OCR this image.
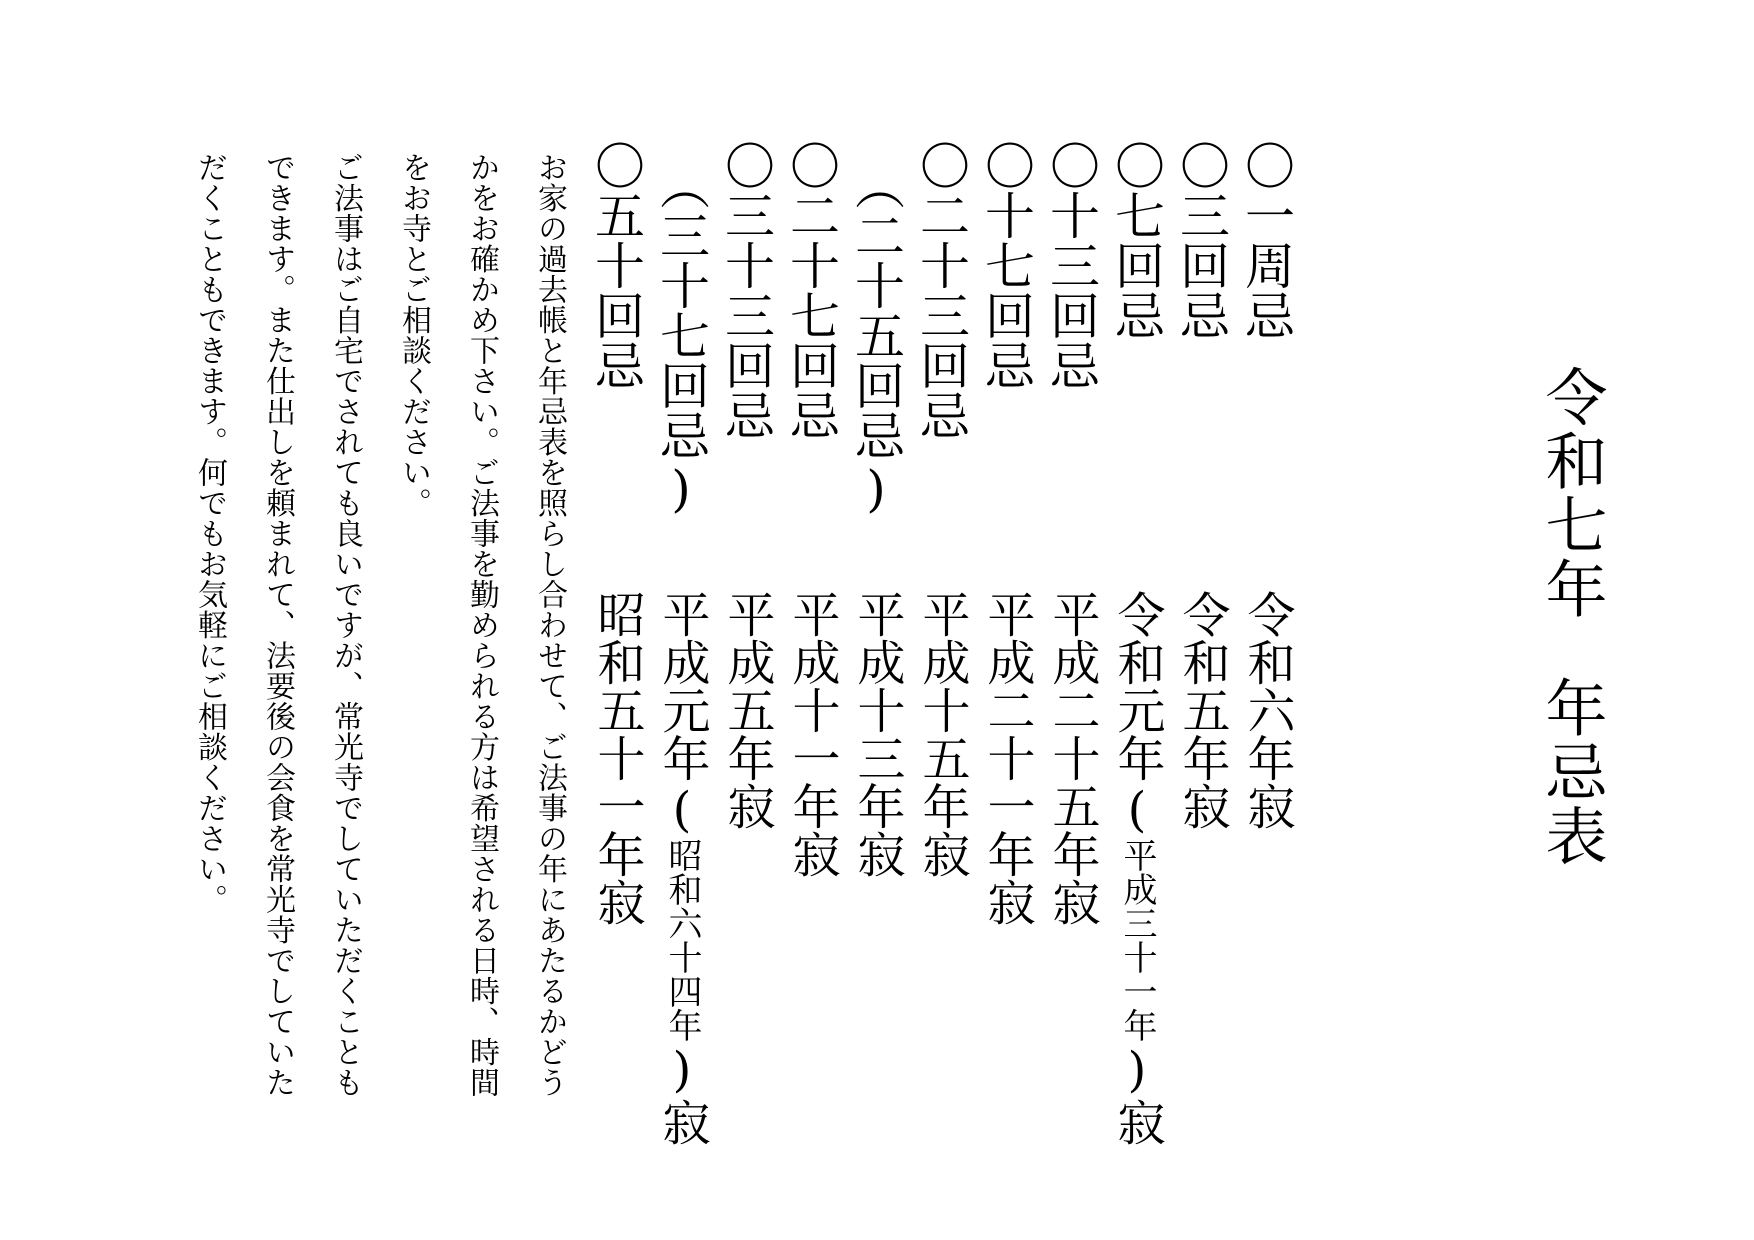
令和七年年忌表
〇一周忌
〇三回忌
〇七回忌
〇十三回忌
〇十七回忌
〇二十三回忌
（二十五回忌)
〇二十七回忌
〇三十三回忌
（三十七回忌)
〇五十回忌
令和六年寂
令和五年寂
令和元年(平成三十一年)寂
平成二十五年寂
平成二十一年寂
平成十五年寂
平成十三年寂
平成十一年寂
平成五年寂
平成元年(昭和六十四年)寂
昭和五十一年寂
お家の過去帳と年忌表を照らし合わせて、ご法事の年にあたるかどう
かをお確かめ下さい。ご法事を勤められる方は希望される日時、時間
をお寺とご相談ください。
ご法事はご自宅でされても良いですが、常光寺でしていただくことも
できます。また仕出しを頼まれて、法要後の会食を常光寺でしていた
だくこともできます。何でもお気軽にご相談ください。
